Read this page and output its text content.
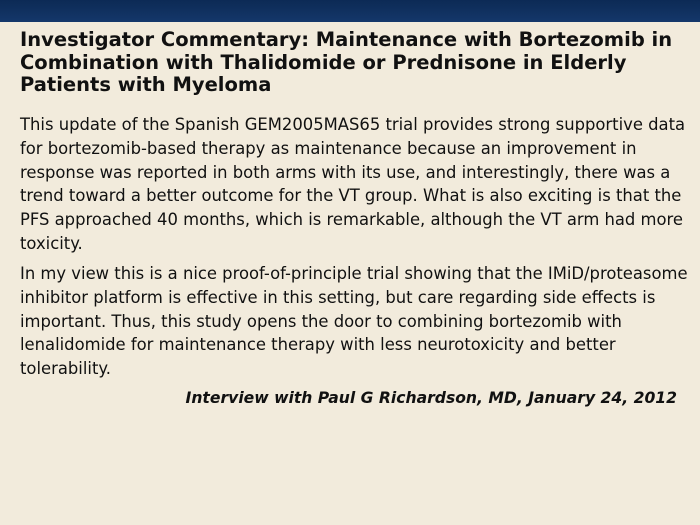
Investigator Commentary: Maintenance with Bortezomib in Combination with Thalidomide or Prednisone in Elderly Patients with Myeloma

This update of the Spanish GEM2005MAS65 trial provides strong supportive data for bortezomib-based therapy as maintenance because an improvement in response was reported in both arms with its use, and interestingly, there was a trend toward a better outcome for the VT group. What is also exciting is that the PFS approached 40 months, which is remarkable, although the VT arm had more toxicity.

In my view this is a nice proof-of-principle trial showing that the IMiD/proteasome inhibitor platform is effective in this setting, but care regarding side effects is important. Thus, this study opens the door to combining bortezomib with lenalidomide for maintenance therapy with less neurotoxicity and better tolerability.

Interview with Paul G Richardson, MD, January 24, 2012
